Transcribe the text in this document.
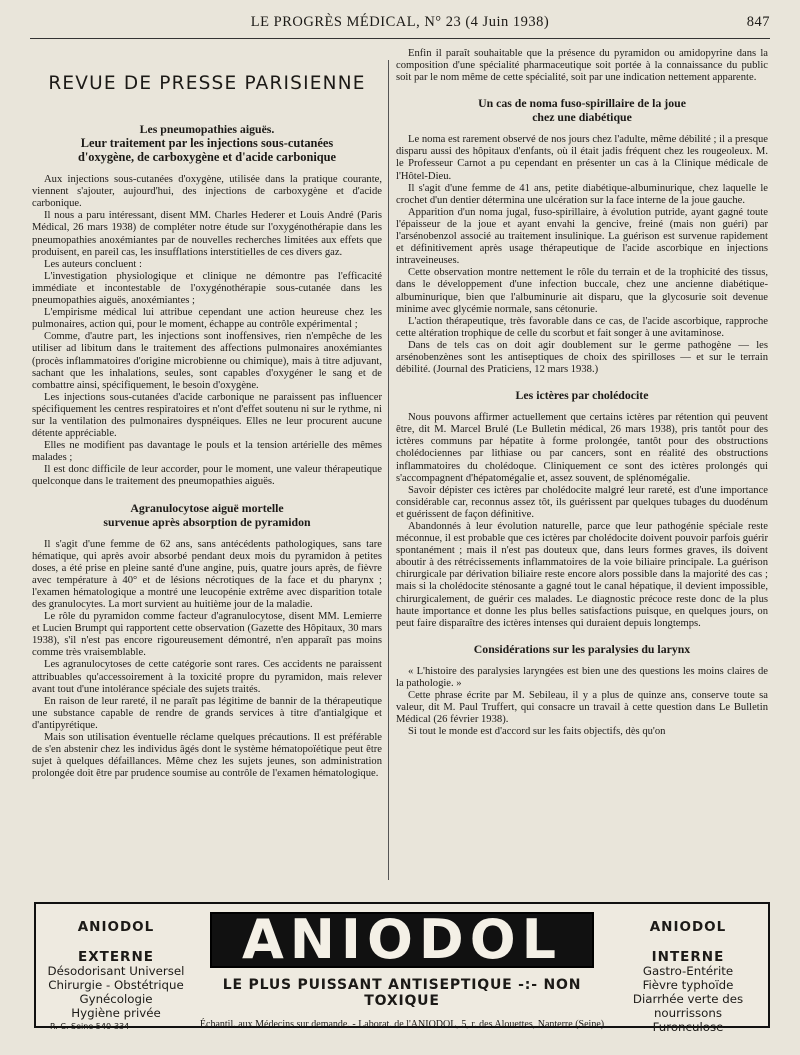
LE PROGRÈS MÉDICAL, N° 23 (4 Juin 1938)	847
REVUE DE PRESSE PARISIENNE
Les pneumopathies aiguës.
Leur traitement par les injections sous-cutanées
d'oxygène, de carboxygène et d'acide carbonique

Aux injections sous-cutanées d'oxygène, utilisée dans la pratique courante, viennent s'ajouter, aujourd'hui, des injections de carboxygène et d'acide carbonique.

Il nous a paru intéressant, disent MM. Charles Hederer et Louis André (Paris Médical, 26 mars 1938) de compléter notre étude sur l'oxygénothérapie dans les pneumopathies anoxémiantes par de nouvelles recherches limitées aux effets que produisent, en pareil cas, les insufflations interstitielles de ces divers gaz.

Les auteurs concluent :

L'investigation physiologique et clinique ne démontre pas l'efficacité immédiate et incontestable de l'oxygénothérapie sous-cutanée dans les pneumopathies aiguës, anoxémiantes ;

L'empirisme médical lui attribue cependant une action heureuse chez les pulmonaires, action qui, pour le moment, échappe au contrôle expérimental ;

Comme, d'autre part, les injections sont inoffensives, rien n'empêche de les utiliser ad libitum dans le traitement des affections pulmonaires anoxémiantes (procès inflammatoires d'origine microbienne ou chimique), mais à titre adjuvant, sachant que les inhalations, seules, sont capables d'oxygéner le sang et de combattre ainsi, spécifiquement, le besoin d'oxygène.

Les injections sous-cutanées d'acide carbonique ne paraissent pas influencer spécifiquement les centres respiratoires et n'ont d'effet soutenu ni sur le rythme, ni sur la ventilation des pulmonaires dyspnéiques. Elles ne leur procurent aucune détente appréciable.

Elles ne modifient pas davantage le pouls et la tension artérielle des mêmes malades ;

Il est donc difficile de leur accorder, pour le moment, une valeur thérapeutique quelconque dans le traitement des pneumopathies aiguës.

Agranulocytose aiguë mortelle
survenue après absorption de pyramidon

Il s'agit d'une femme de 62 ans, sans antécédents pathologiques, sans tare hématique, qui après avoir absorbé pendant deux mois du pyramidon à petites doses, a été prise en pleine santé d'une angine, puis, quatre jours après, de fièvre avec température à 40° et de lésions nécrotiques de la face et du pharynx ; l'examen hématologique a montré une leucopénie extrême avec disparition totale des granulocytes. La mort survient au huitième jour de la maladie.

Le rôle du pyramidon comme facteur d'agranulocytose, disent MM. Lemierre et Lucien Brumpt qui rapportent cette observation (Gazette des Hôpitaux, 30 mars 1938), s'il n'est pas encore rigoureusement démontré, n'en apparaît pas moins comme très vraisemblable.

Les agranulocytoses de cette catégorie sont rares. Ces accidents ne paraissent attribuables qu'accessoirement à la toxicité propre du pyramidon, mais relever avant tout d'une intolérance spéciale des sujets traités.

En raison de leur rareté, il ne paraît pas légitime de bannir de la thérapeutique une substance capable de rendre de grands services à titre d'antialgique et d'antipyrétique.

Mais son utilisation éventuelle réclame quelques précautions. Il est préférable de s'en abstenir chez les individus âgés dont le système hématopoïétique peut être sujet à quelques défaillances. Même chez les sujets jeunes, son administration prolongée doit être par prudence soumise au contrôle de l'examen hématologique.

Enfin il paraît souhaitable que la présence du pyramidon ou amidopyrine dans la composition d'une spécialité pharmaceutique soit portée à la connaissance du public soit par le nom même de cette spécialité, soit par une indication nettement apparente.

Un cas de noma fuso-spirillaire de la joue
chez une diabétique

Le noma est rarement observé de nos jours chez l'adulte, même débilité ; il a presque disparu aussi des hôpitaux d'enfants, où il était jadis fréquent chez les rougeoleux. M. le Professeur Carnot a pu cependant en présenter un cas à la Clinique médicale de l'Hôtel-Dieu.

Il s'agit d'une femme de 41 ans, petite diabétique-albuminurique, chez laquelle le crochet d'un dentier détermina une ulcération sur la face interne de la joue gauche.

Apparition d'un noma jugal, fuso-spirillaire, à évolution putride, ayant gagné toute l'épaisseur de la joue et ayant envahi la gencive, freiné (mais non guéri) par l'arsénobenzol associé au traitement insulinique. La guérison est survenue rapidement et définitivement après usage thérapeutique de l'acide ascorbique en injections intraveineuses.

Cette observation montre nettement le rôle du terrain et de la trophicité des tissus, dans le développement d'une infection buccale, chez une ancienne diabétique-albuminurique, bien que l'albuminurie ait disparu, que la glycosurie soit devenue minime avec glycémie normale, sans cétonurie.

L'action thérapeutique, très favorable dans ce cas, de l'acide ascorbique, rapproche cette altération trophique de celle du scorbut et fait songer à une avitaminose.

Dans de tels cas on doit agir doublement sur le germe pathogène — les arsénobenzènes sont les antiseptiques de choix des spirilloses — et sur le terrain débilité. (Journal des Praticiens, 12 mars 1938.)

Les ictères par cholédocite

Nous pouvons affirmer actuellement que certains ictères par rétention qui peuvent être, dit M. Marcel Brulé (Le Bulletin médical, 26 mars 1938), pris tantôt pour des ictères communs par hépatite à forme prolongée, tantôt pour des obstructions cholédociennes par lithiase ou par cancers, sont en réalité des obstructions inflammatoires du cholédoque. Cliniquement ce sont des ictères prolongés qui s'accompagnent d'hépatomégalie et, assez souvent, de splénomégalie.

Savoir dépister ces ictères par cholédocite malgré leur rareté, est d'une importance considérable car, reconnus assez tôt, ils guérissent par quelques tubages du duodénum et guérissent de façon définitive.

Abandonnés à leur évolution naturelle, parce que leur pathogénie spéciale reste méconnue, il est probable que ces ictères par cholédocite doivent pouvoir parfois guérir spontanément ; mais il n'est pas douteux que, dans leurs formes graves, ils doivent aboutir à des rétrécissements inflammatoires de la voie biliaire principale. La guérison chirurgicale par dérivation biliaire reste encore alors possible dans la majorité des cas ; mais si la cholédocite sténosante a gagné tout le canal hépatique, il devient impossible, chirurgicalement, de guérir ces malades. Le diagnostic précoce reste donc de la plus haute importance et donne les plus belles satisfactions puisque, en quelques jours, on peut faire disparaître des ictères intenses qui duraient depuis longtemps.

Considérations sur les paralysies du larynx

« L'histoire des paralysies laryngées est bien une des questions les moins claires de la pathologie. »

Cette phrase écrite par M. Sebileau, il y a plus de quinze ans, conserve toute sa valeur, dit M. Paul Truffert, qui consacre un travail à cette question dans Le Bulletin Médical (26 février 1938).

Si tout le monde est d'accord sur les faits objectifs, dès qu'on

ANIODOL
EXTERNE
Désodorisant Universel
Chirurgie - Obstétrique
Gynécologie
Hygiène privée
R. C. Seine 540-334
ANIODOL
LE PLUS PUISSANT ANTISEPTIQUE -:- NON TOXIQUE
Échantil. aux Médecins sur demande. - Laborat. de l'ANIODOL, 5, r. des Alouettes, Nanterre (Seine)
ANIODOL
INTERNE
Gastro-Entérite
Fièvre typhoïde
Diarrhée verte des nourrissons
Furonculose
